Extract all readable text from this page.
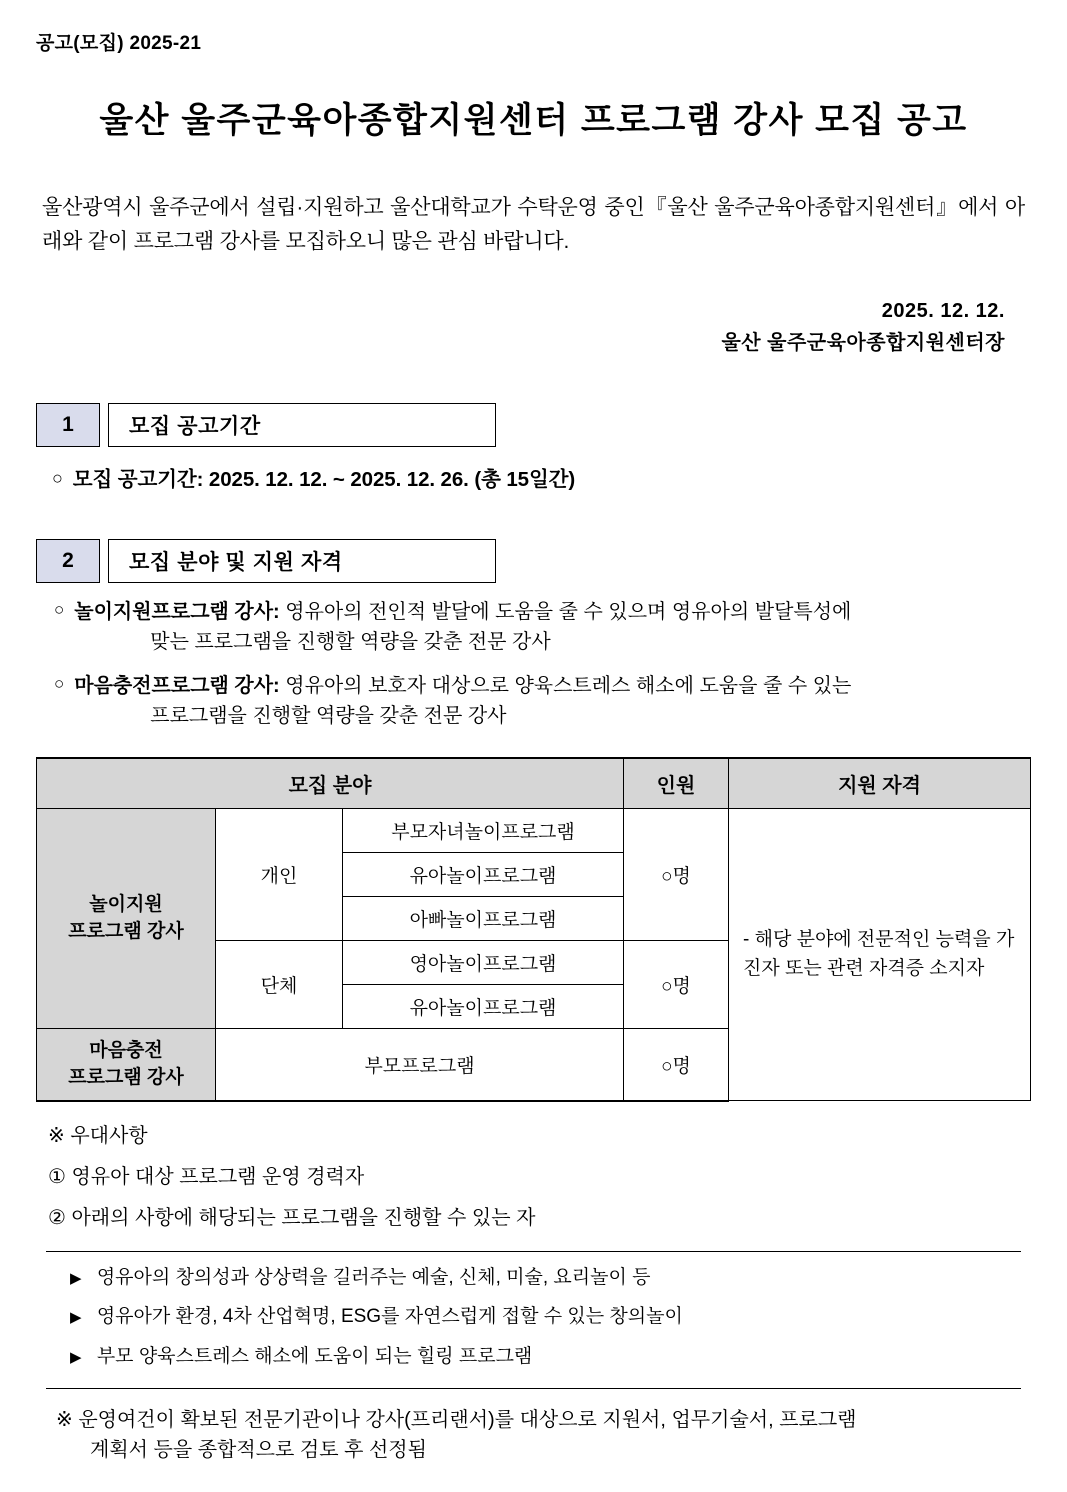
공고(모집) 2025-21
울산 울주군육아종합지원센터 프로그램 강사 모집 공고

울산광역시 울주군에서 설립·지원하고 울산대학교가 수탁운영 중인『울산 울주군육아종합지원센터』에서 아래와 같이 프로그램 강사를 모집하오니 많은 관심 바랍니다.

2025. 12. 12.
울산 울주군육아종합지원센터장
1	모집 공고기간
○ 모집 공고기간: 2025. 12. 12. ~ 2025. 12. 26. (총 15일간)
2	모집 분야 및 지원 자격
○ 놀이지원프로그램 강사: 영유아의 전인적 발달에 도움을 줄 수 있으며 영유아의 발달특성에
맞는 프로그램을 진행할 역량을 갖춘 전문 강사
○ 마음충전프로그램 강사: 영유아의 보호자 대상으로 양육스트레스 해소에 도움을 줄 수 있는
프로그램을 진행할 역량을 갖춘 전문 강사
모집 분야			인원	지원 자격
놀이지원
프로그램 강사	개인	부모자녀놀이프로그램	○명	- 해당 분야에 전문적인 능력을 가진자 또는 관련 자격증 소지자
		유아놀이프로그램		
		아빠놀이프로그램		
	단체	영아놀이프로그램	○명	
		유아놀이프로그램		
마음충전
프로그램 강사	부모프로그램		○명	
※ 우대사항
① 영유아 대상 프로그램 운영 경력자
② 아래의 사항에 해당되는 프로그램을 진행할 수 있는 자
▶ 영유아의 창의성과 상상력을 길러주는 예술, 신체, 미술, 요리놀이 등
▶ 영유아가 환경, 4차 산업혁명, ESG를 자연스럽게 접할 수 있는 창의놀이
▶ 부모 양육스트레스 해소에 도움이 되는 힐링 프로그램
※ 운영여건이 확보된 전문기관이나 강사(프리랜서)를 대상으로 지원서, 업무기술서, 프로그램
계획서 등을 종합적으로 검토 후 선정됨
